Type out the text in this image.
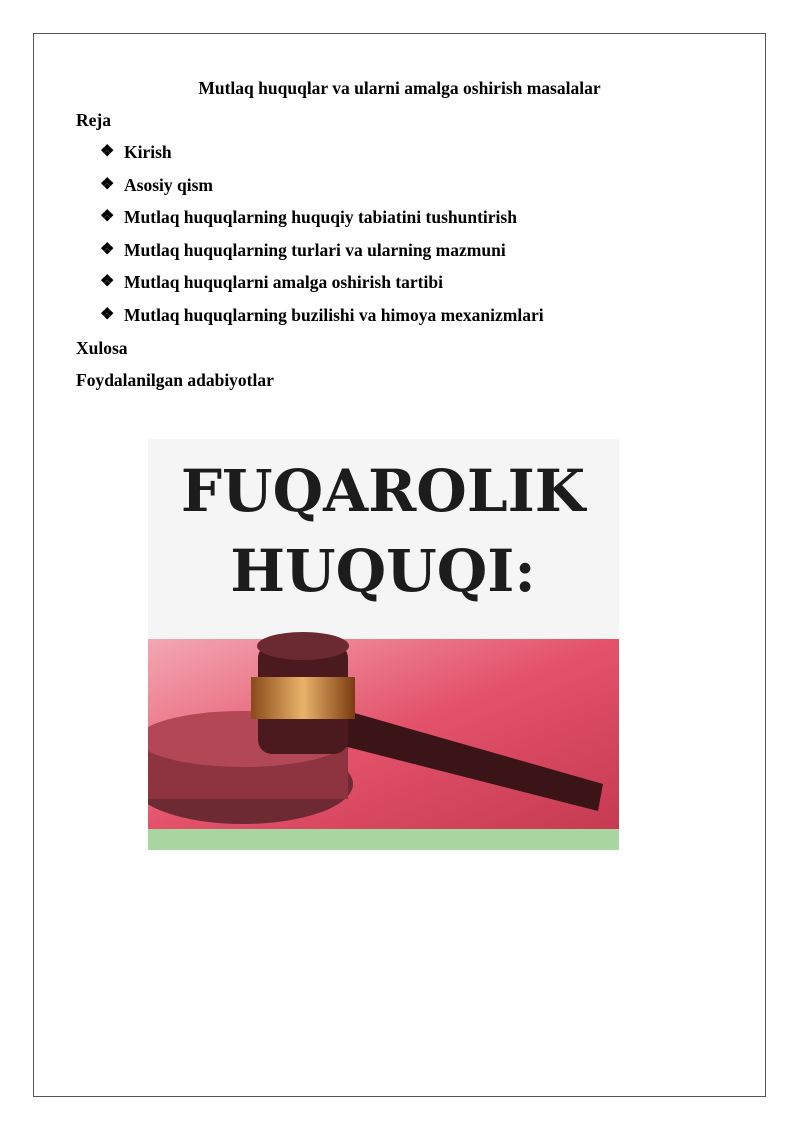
Mutlaq huquqlar va ularni amalga oshirish masalalar
Reja
❖ Kirish
❖ Asosiy qism
❖ Mutlaq huquqlarning huquqiy tabiatini tushuntirish
❖ Mutlaq huquqlarning turlari va ularning mazmuni
❖ Mutlaq huquqlarni amalga oshirish tartibi
❖ Mutlaq huquqlarning buzilishi va himoya mexanizmlari
Xulosa
Foydalanilgan adabiyotlar
FUQAROLIK
HUQUQI:
